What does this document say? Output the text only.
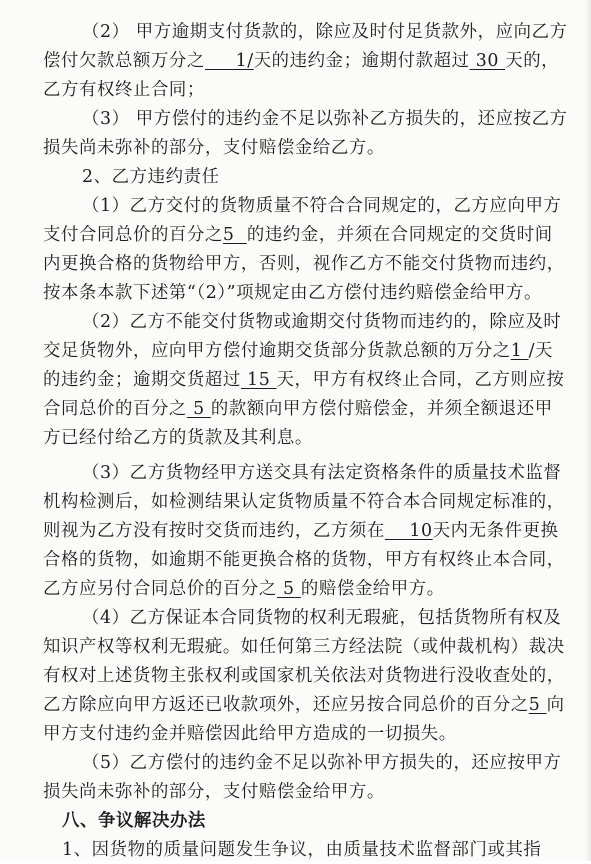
（2） 甲方逾期支付货款的，除应及时付足货款外，应向乙方
偿付欠款总额万分之 1/天的违约金；逾期付款超过 30 天的，
乙方有权终止合同；
（3） 甲方偿付的违约金不足以弥补乙方损失的，还应按乙方
损失尚未弥补的部分，支付赔偿金给乙方。
2、乙方违约责任
（1）乙方交付的货物质量不符合合同规定的，乙方应向甲方
支付合同总价的百分之5 的违约金，并须在合同规定的交货时间
内更换合格的货物给甲方，否则，视作乙方不能交付货物而违约，
按本条本款下述第“（2）”项规定由乙方偿付违约赔偿金给甲方。
（2）乙方不能交付货物或逾期交付货物而违约的，除应及时
交足货物外，应向甲方偿付逾期交货部分货款总额的万分之1 /天
的违约金；逾期交货超过 15 天，甲方有权终止合同，乙方则应按
合同总价的百分之 5 的款额向甲方偿付赔偿金，并须全额退还甲
方已经付给乙方的货款及其利息。
（3）乙方货物经甲方送交具有法定资格条件的质量技术监督
机构检测后，如检测结果认定货物质量不符合本合同规定标准的，
则视为乙方没有按时交货而违约，乙方须在 10天内无条件更换
合格的货物，如逾期不能更换合格的货物，甲方有权终止本合同，
乙方应另付合同总价的百分之 5 的赔偿金给甲方。
（4）乙方保证本合同货物的权利无瑕疵，包括货物所有权及
知识产权等权利无瑕疵。如任何第三方经法院（或仲裁机构）裁决
有权对上述货物主张权利或国家机关依法对货物进行没收查处的，
乙方除应向甲方返还已收款项外，还应另按合同总价的百分之5 向
甲方支付违约金并赔偿因此给甲方造成的一切损失。
（5）乙方偿付的违约金不足以弥补甲方损失的，还应按甲方
损失尚未弥补的部分，支付赔偿金给甲方。
八、争议解决办法
1、因货物的质量问题发生争议，由质量技术监督部门或其指
